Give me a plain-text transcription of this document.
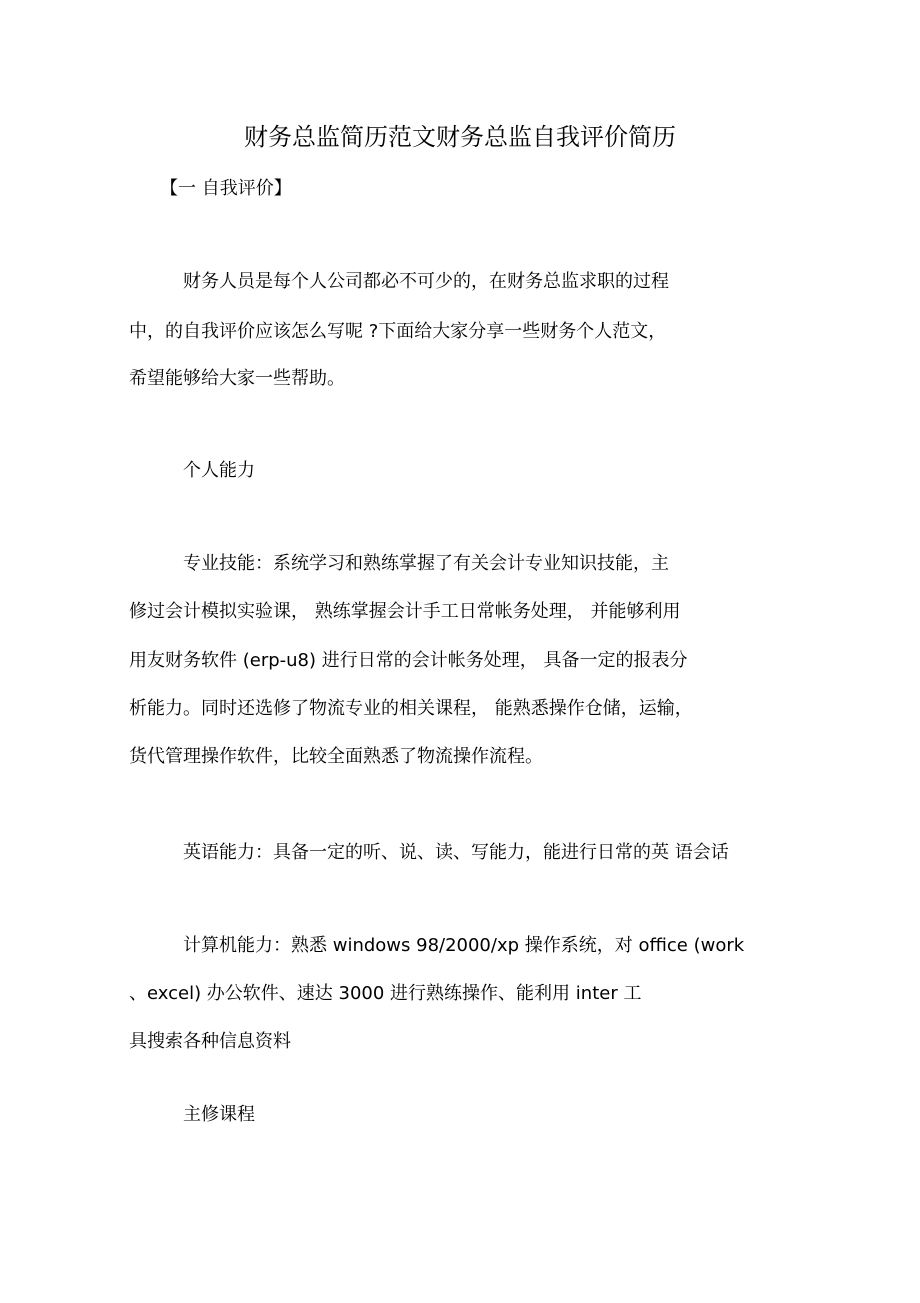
财务总监简历范文财务总监自我评价简历
【一 自我评价】
财务人员是每个人公司都必不可少的，在财务总监求职的过程
中，的自我评价应该怎么写呢 ?下面给大家分享一些财务个人范文，
希望能够给大家一些帮助。
个人能力
专业技能：系统学习和熟练掌握了有关会计专业知识技能，主
修过会计模拟实验课， 熟练掌握会计手工日常帐务处理， 并能够利用
用友财务软件 (erp-u8) 进行日常的会计帐务处理， 具备一定的报表分
析能力。同时还选修了物流专业的相关课程， 能熟悉操作仓储，运输，
货代管理操作软件，比较全面熟悉了物流操作流程。
英语能力：具备一定的听、说、读、写能力，能进行日常的英 语会话
计算机能力：熟悉 windows 98/2000/xp 操作系统，对 office (work
、excel) 办公软件、速达 3000 进行熟练操作、能利用 inter 工
具搜索各种信息资料
主修课程
